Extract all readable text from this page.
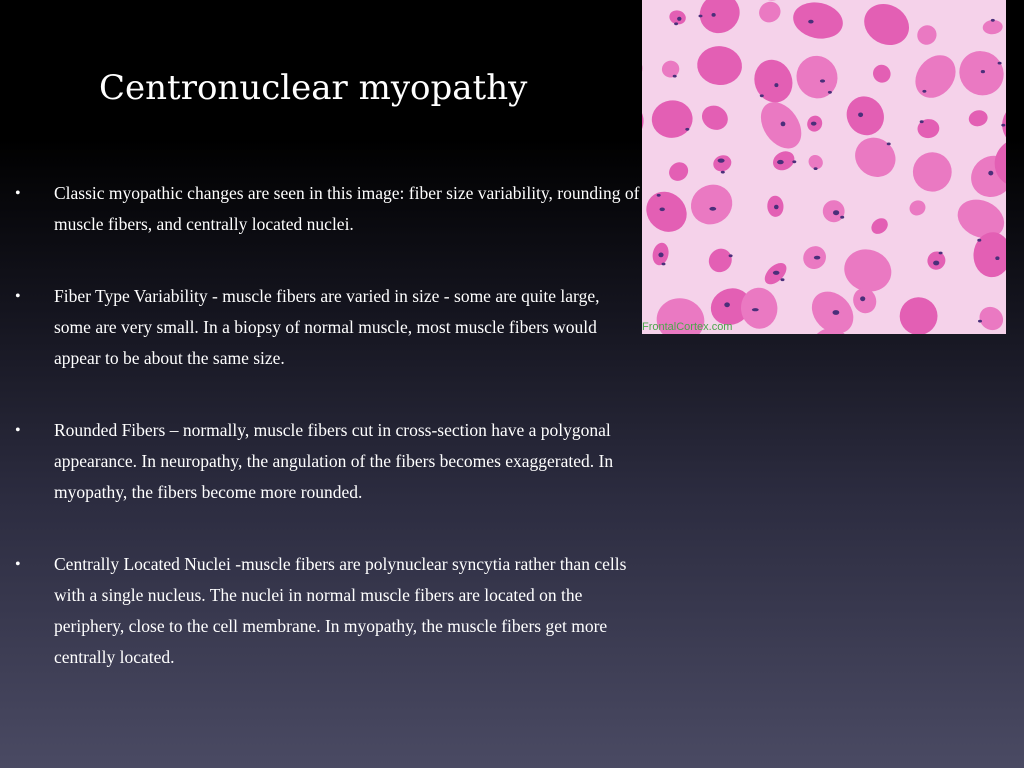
Centronuclear myopathy
• Classic myopathic changes are seen in this image: fiber size variability, rounding of muscle fibers, and centrally located nuclei.
• Fiber Type Variability - muscle fibers are varied in size - some are quite large, some are very small. In a biopsy of normal muscle, most muscle fibers would appear to be about the same size.
• Rounded Fibers – normally, muscle fibers cut in cross-section have a polygonal appearance. In neuropathy, the angulation of the fibers becomes exaggerated. In myopathy, the fibers become more rounded.
• Centrally Located Nuclei -muscle fibers are polynuclear syncytia rather than cells with a single nucleus. The nuclei in normal muscle fibers are located on the periphery, close to the cell membrane. In myopathy, the muscle fibers get more centrally located.
FrontalCortex.com
